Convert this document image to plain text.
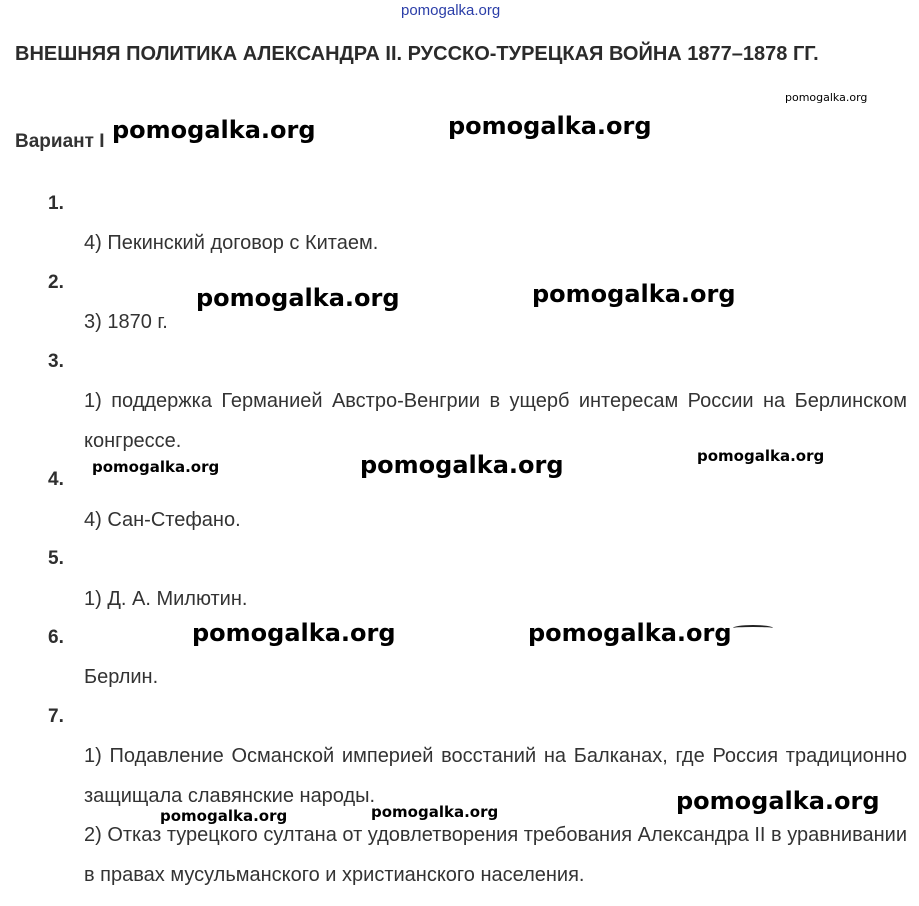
pomogalka.org
ВНЕШНЯЯ ПОЛИТИКА АЛЕКСАНДРА II. РУССКО-ТУРЕЦКАЯ ВОЙНА 1877–1878 ГГ.
pomogalka.org
Вариант I pomogalka.org	pomogalka.org
1.
4) Пекинский договор с Китаем.
2.
pomogalka.org	pomogalka.org
3) 1870 г.
3.
1) поддержка Германией Австро-Венгрии в ущерб интересам России на Берлинском конгрессе.
pomogalka.org	pomogalka.org	pomogalka.org
4.
4) Сан-Стефано.
5.
1) Д. А. Милютин.
6.	pomogalka.org	pomogalka.org
Берлин.
7.
1) Подавление Османской империей восстаний на Балканах, где Россия традиционно защищала славянские народы.	pomogalka.org
pomogalka.org
pomogalka.org
2) Отказ турецкого султана от удовлетворения требования Александра II в уравнивании в правах мусульманского и христианского населения.
